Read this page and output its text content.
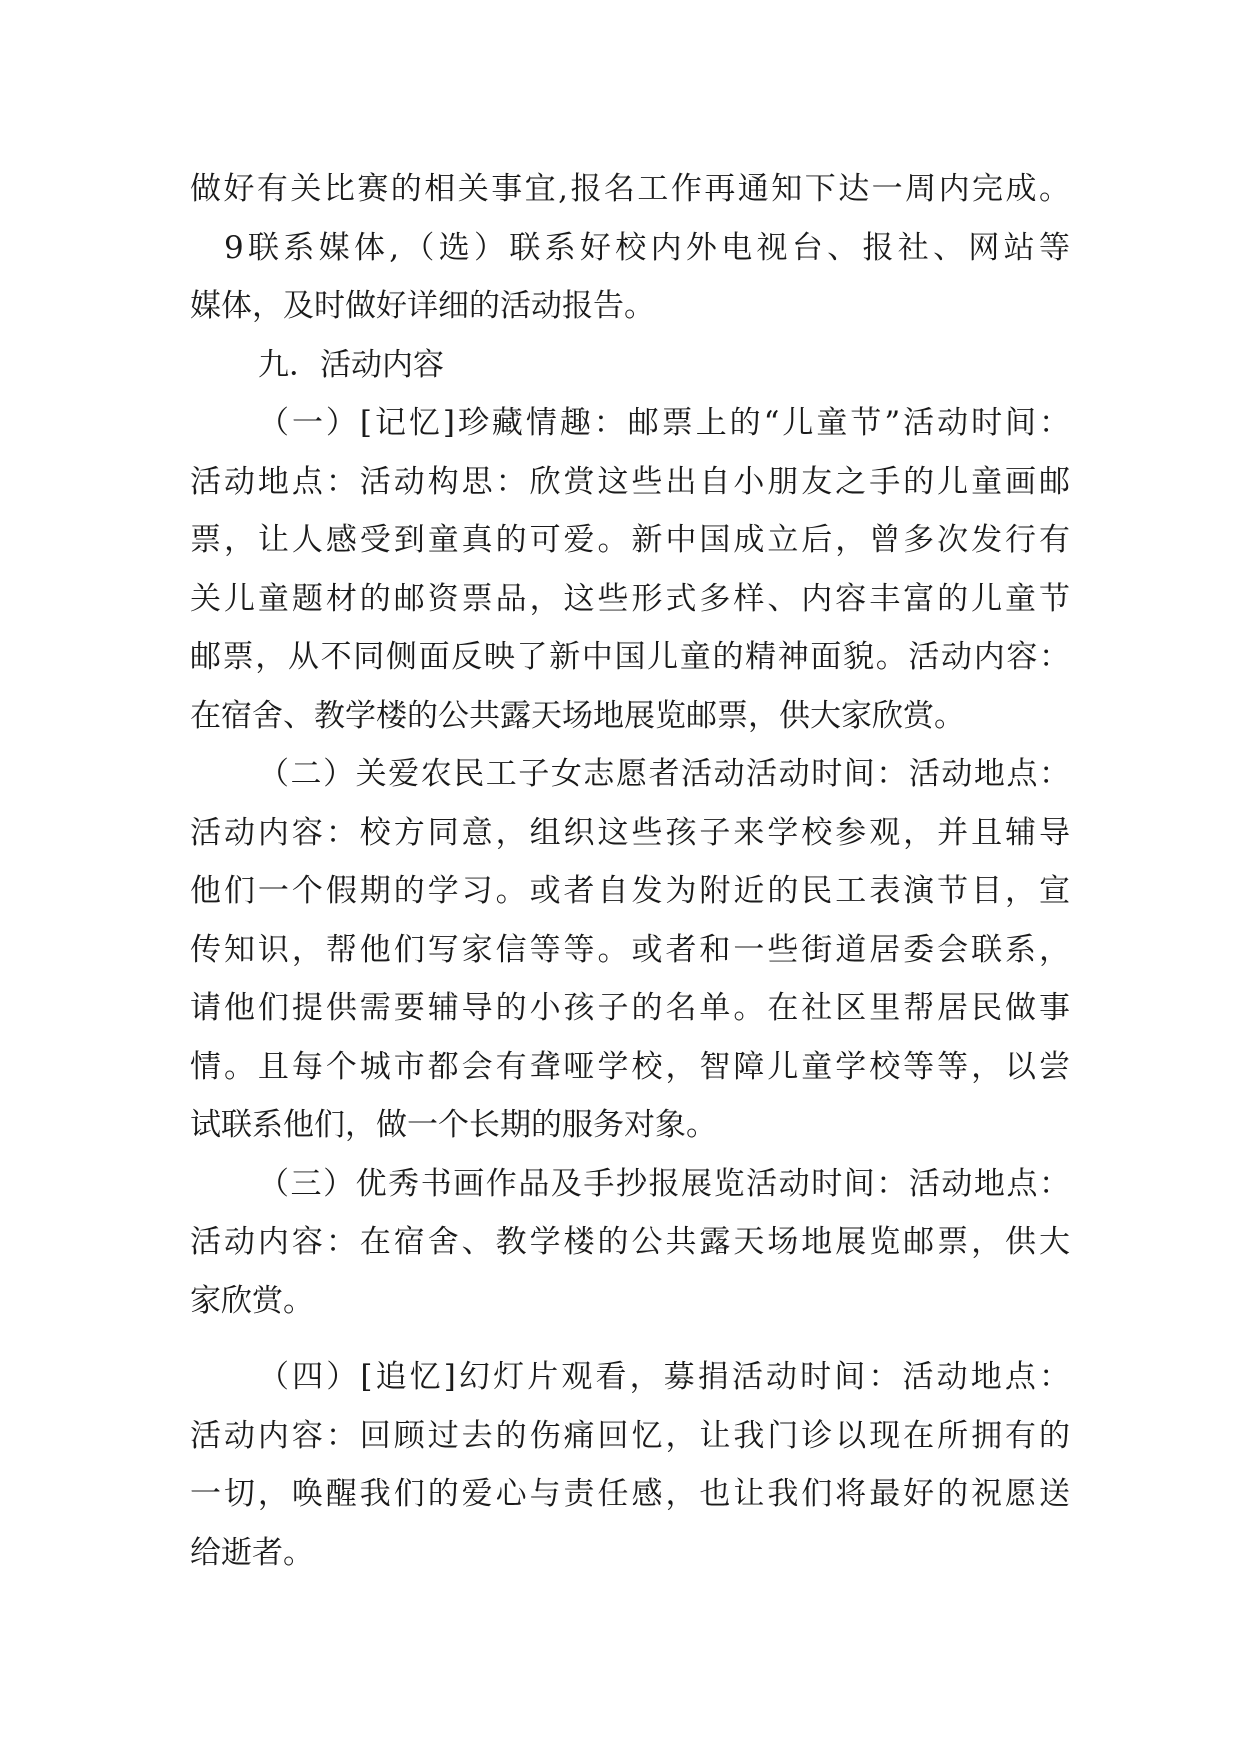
做好有关比赛的相关事宜,报名工作再通知下达一周内完成。
9联系媒体,（选）联系好校内外电视台、报社、网站等
媒体，及时做好详细的活动报告。
九．活动内容
（一）[记忆]珍藏情趣：邮票上的“儿童节”活动时间：
活动地点：活动构思：欣赏这些出自小朋友之手的儿童画邮
票，让人感受到童真的可爱。新中国成立后，曾多次发行有
关儿童题材的邮资票品，这些形式多样、内容丰富的儿童节
邮票，从不同侧面反映了新中国儿童的精神面貌。活动内容：
在宿舍、教学楼的公共露天场地展览邮票，供大家欣赏。
（二）关爱农民工子女志愿者活动活动时间：活动地点：
活动内容：校方同意，组织这些孩子来学校参观，并且辅导
他们一个假期的学习。或者自发为附近的民工表演节目，宣
传知识，帮他们写家信等等。或者和一些街道居委会联系，
请他们提供需要辅导的小孩子的名单。在社区里帮居民做事
情。且每个城市都会有聋哑学校，智障儿童学校等等，以尝
试联系他们，做一个长期的服务对象。
（三）优秀书画作品及手抄报展览活动时间：活动地点：
活动内容：在宿舍、教学楼的公共露天场地展览邮票，供大
家欣赏。
（四）[追忆]幻灯片观看，募捐活动时间：活动地点：
活动内容：回顾过去的伤痛回忆，让我门诊以现在所拥有的
一切，唤醒我们的爱心与责任感，也让我们将最好的祝愿送
给逝者。
